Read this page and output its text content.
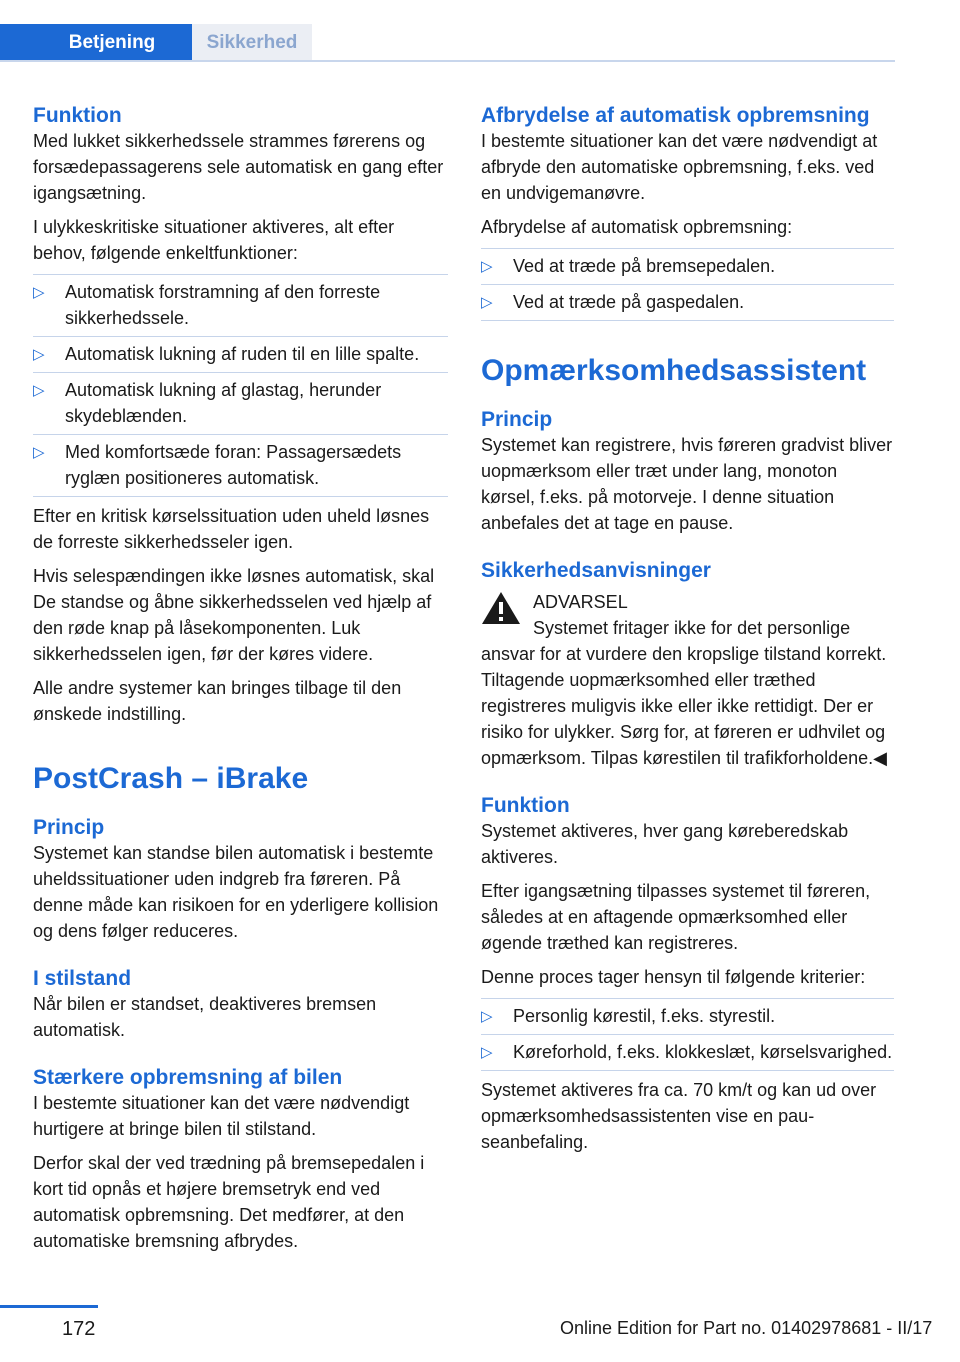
Betjening	Sikkerhed
Funktion

Med lukket sikkerhedssele strammes førerens og forsædepassagerens sele automatisk en gang efter igangsætning.

I ulykkeskritiske situationer aktiveres, alt efter behov, følgende enkeltfunktioner:

▷ Automatisk forstramning af den forreste sikkerhedssele.
▷ Automatisk lukning af ruden til en lille spalte.
▷ Automatisk lukning af glastag, herunder skydeblænden.
▷ Med komfortsæde foran: Passagersædets ryglæn positioneres automatisk.

Efter en kritisk kørselssituation uden uheld løsnes de forreste sikkerhedsseler igen.

Hvis selespændingen ikke løsnes automatisk, skal De standse og åbne sikkerhedsselen ved hjælp af den røde knap på låsekomponenten. Luk sikkerhedsselen igen, før der køres videre.

Alle andre systemer kan bringes tilbage til den ønskede indstilling.

PostCrash – iBrake
Princip

Systemet kan standse bilen automatisk i bestemte uheldssituationer uden indgreb fra føreren. På denne måde kan risikoen for en yderligere kollision og dens følger reduceres.

I stilstand

Når bilen er standset, deaktiveres bremsen automatisk.

Stærkere opbremsning af bilen

I bestemte situationer kan det være nødvendigt hurtigere at bringe bilen til stilstand.

Derfor skal der ved trædning på bremsepedalen i kort tid opnås et højere bremsetryk end ved automatisk opbremsning. Det medfører, at den automatiske bremsning afbrydes.

Afbrydelse af automatisk opbremsning

I bestemte situationer kan det være nødvendigt at afbryde den automatiske opbremsning, f.eks. ved en undvigemanøvre.

Afbrydelse af automatisk opbremsning:

▷ Ved at træde på bremsepedalen.
▷ Ved at træde på gaspedalen.
Opmærksomhedsassistent
Princip

Systemet kan registrere, hvis føreren gradvist bliver uopmærksom eller træt under lang, monoton kørsel, f.eks. på motorveje. I denne situation anbefales det at tage en pause.

Sikkerhedsanvisninger

ADVARSEL

Systemet fritager ikke for det personlige ansvar for at vurdere den kropslige tilstand korrekt. Tiltagende uopmærksomhed eller træthed registreres muligvis ikke eller ikke rettidigt. Der er risiko for ulykker. Sørg for, at føreren er udhvilet og opmærksom. Tilpas kørestilen til trafikforholdene.◀

Funktion

Systemet aktiveres, hver gang køreberedskab aktiveres.

Efter igangsætning tilpasses systemet til føreren, således at en aftagende opmærksomhed eller øgende træthed kan registreres.

Denne proces tager hensyn til følgende kriterier:

▷ Personlig kørestil, f.eks. styrestil.
▷ Køreforhold, f.eks. klokkeslæt, kørselsvarighed.

Systemet aktiveres fra ca. 70 km/t og kan ud over opmærksomhedsassistenten vise en pauseanbefaling.

172	Online Edition for Part no. 01402978681 - II/17
